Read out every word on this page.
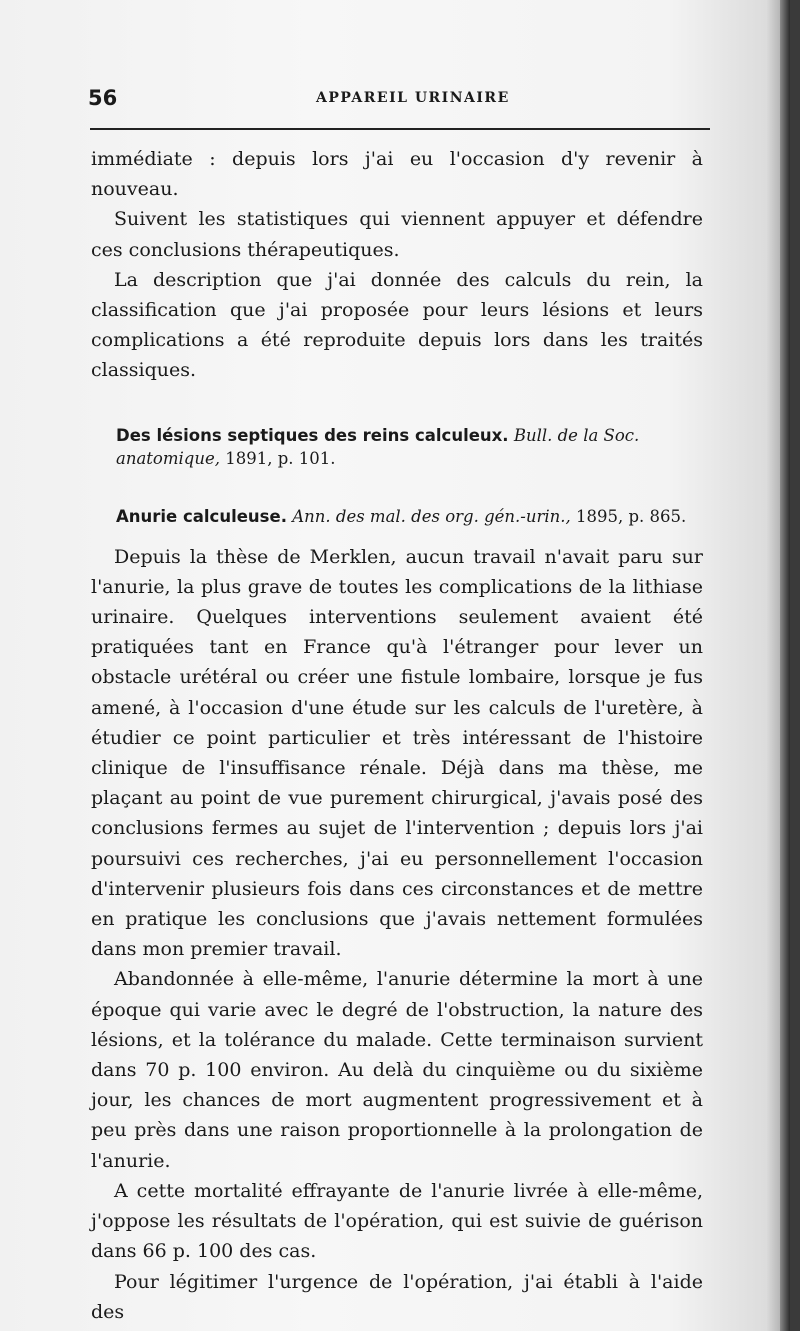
56	APPAREIL URINAIRE

immédiate : depuis lors j'ai eu l'occasion d'y revenir à nouveau.

Suivent les statistiques qui viennent appuyer et défendre ces conclusions thérapeutiques.

La description que j'ai donnée des calculs du rein, la classification que j'ai proposée pour leurs lésions et leurs complications a été reproduite depuis lors dans les traités classiques.

Des lésions septiques des reins calculeux. Bull. de la Soc. anatomique, 1891, p. 101.

Anurie calculeuse. Ann. des mal. des org. gén.-urin., 1895, p. 865.

Depuis la thèse de Merklen, aucun travail n'avait paru sur l'anurie, la plus grave de toutes les complications de la lithiase urinaire. Quelques interventions seulement avaient été pratiquées tant en France qu'à l'étranger pour lever un obstacle urétéral ou créer une fistule lombaire, lorsque je fus amené, à l'occasion d'une étude sur les calculs de l'uretère, à étudier ce point particulier et très intéressant de l'histoire clinique de l'insuffisance rénale. Déjà dans ma thèse, me plaçant au point de vue purement chirurgical, j'avais posé des conclusions fermes au sujet de l'intervention ; depuis lors j'ai poursuivi ces recherches, j'ai eu personnellement l'occasion d'intervenir plusieurs fois dans ces circonstances et de mettre en pratique les conclusions que j'avais nettement formulées dans mon premier travail.

Abandonnée à elle-même, l'anurie détermine la mort à une époque qui varie avec le degré de l'obstruction, la nature des lésions, et la tolérance du malade. Cette terminaison survient dans 70 p. 100 environ. Au delà du cinquième ou du sixième jour, les chances de mort augmentent progressivement et à peu près dans une raison proportionnelle à la prolongation de l'anurie.

A cette mortalité effrayante de l'anurie livrée à elle-même, j'oppose les résultats de l'opération, qui est suivie de guérison dans 66 p. 100 des cas.

Pour légitimer l'urgence de l'opération, j'ai établi à l'aide des
